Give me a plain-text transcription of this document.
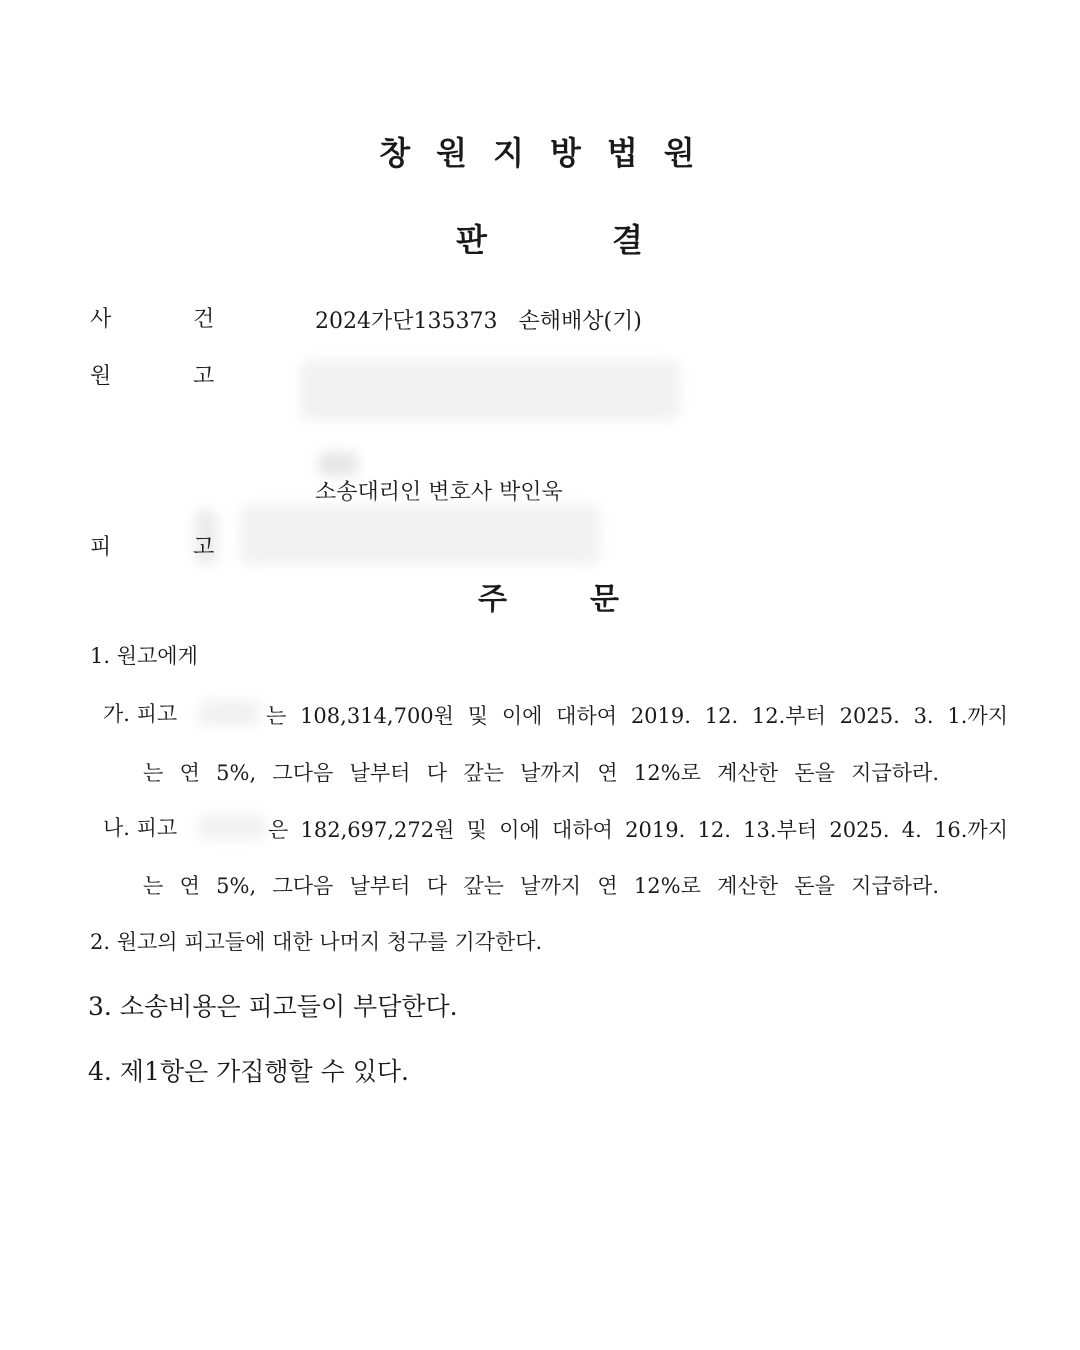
창원지방법원
판	결
사	건	2024가단135373   손해배상(기)
원	고
소송대리인 변호사 박인욱
피	고
주	문
1. 원고에게
가. 피고	는 108,314,700원 및 이에 대하여 2019. 12. 12.부터 2025. 3. 1.까지
는 연 5%, 그다음 날부터 다 갚는 날까지 연 12%로 계산한 돈을 지급하라.
나. 피고	은 182,697,272원 및 이에 대하여 2019. 12. 13.부터 2025. 4. 16.까지
는 연 5%, 그다음 날부터 다 갚는 날까지 연 12%로 계산한 돈을 지급하라.
2. 원고의 피고들에 대한 나머지 청구를 기각한다.
3. 소송비용은 피고들이 부담한다.
4. 제1항은 가집행할 수 있다.
